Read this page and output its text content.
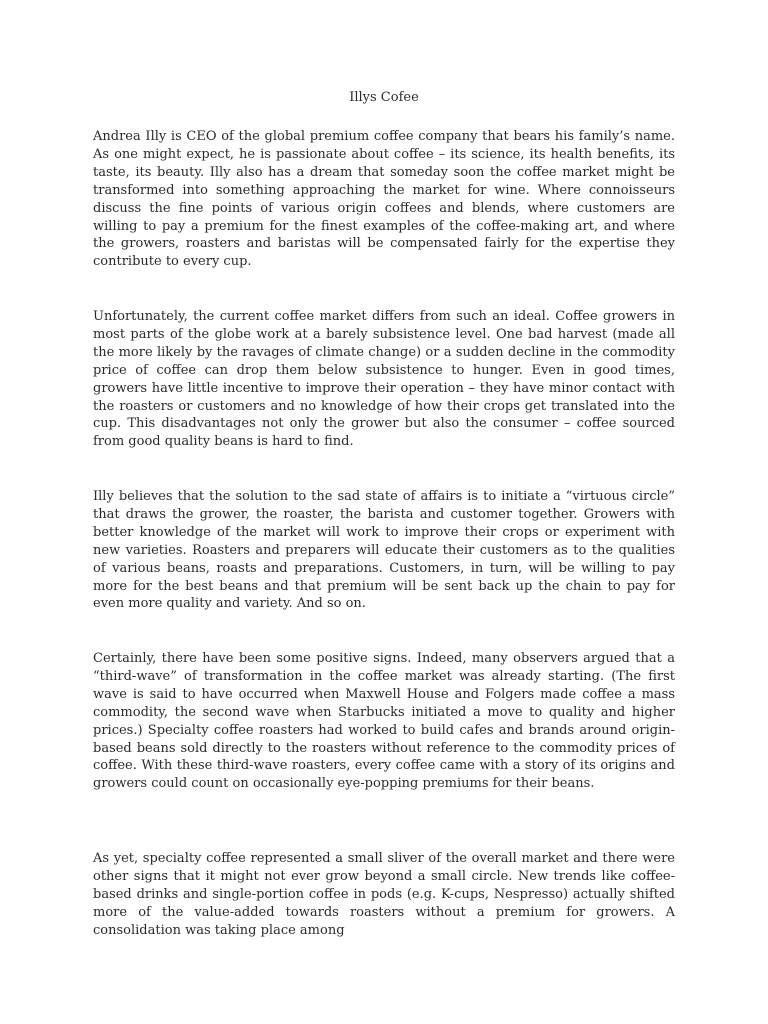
Illys Cofee

Andrea Illy is CEO of the global premium coffee company that bears his family’s name. As one might expect, he is passionate about coffee – its science, its health benefits, its taste, its beauty. Illy also has a dream that someday soon the coffee market might be transformed into something approaching the market for wine. Where connoisseurs discuss the fine points of various origin coffees and blends, where customers are willing to pay a premium for the finest examples of the coffee-making art, and where the growers, roasters and baristas will be compensated fairly for the expertise they contribute to every cup.

Unfortunately, the current coffee market differs from such an ideal. Coffee growers in most parts of the globe work at a barely subsistence level. One bad harvest (made all the more likely by the ravages of climate change) or a sudden decline in the commodity price of coffee can drop them below subsistence to hunger. Even in good times, growers have little incentive to improve their operation – they have minor contact with the roasters or customers and no knowledge of how their crops get translated into the cup. This disadvantages not only the grower but also the consumer – coffee sourced from good quality beans is hard to find.

Illy believes that the solution to the sad state of affairs is to initiate a “virtuous circle” that draws the grower, the roaster, the barista and customer together. Growers with better knowledge of the market will work to improve their crops or experiment with new varieties. Roasters and preparers will educate their customers as to the qualities of various beans, roasts and preparations. Customers, in turn, will be willing to pay more for the best beans and that premium will be sent back up the chain to pay for even more quality and variety. And so on.

Certainly, there have been some positive signs. Indeed, many observers argued that a “third-wave” of transformation in the coffee market was already starting. (The first wave is said to have occurred when Maxwell House and Folgers made coffee a mass commodity, the second wave when Starbucks initiated a move to quality and higher prices.) Specialty coffee roasters had worked to build cafes and brands around origin-based beans sold directly to the roasters without reference to the commodity prices of coffee. With these third-wave roasters, every coffee came with a story of its origins and growers could count on occasionally eye-popping premiums for their beans.

As yet, specialty coffee represented a small sliver of the overall market and there were other signs that it might not ever grow beyond a small circle. New trends like coffee-based drinks and single-portion coffee in pods (e.g. K-cups, Nespresso) actually shifted more of the value-added towards roasters without a premium for growers. A consolidation was taking place among
